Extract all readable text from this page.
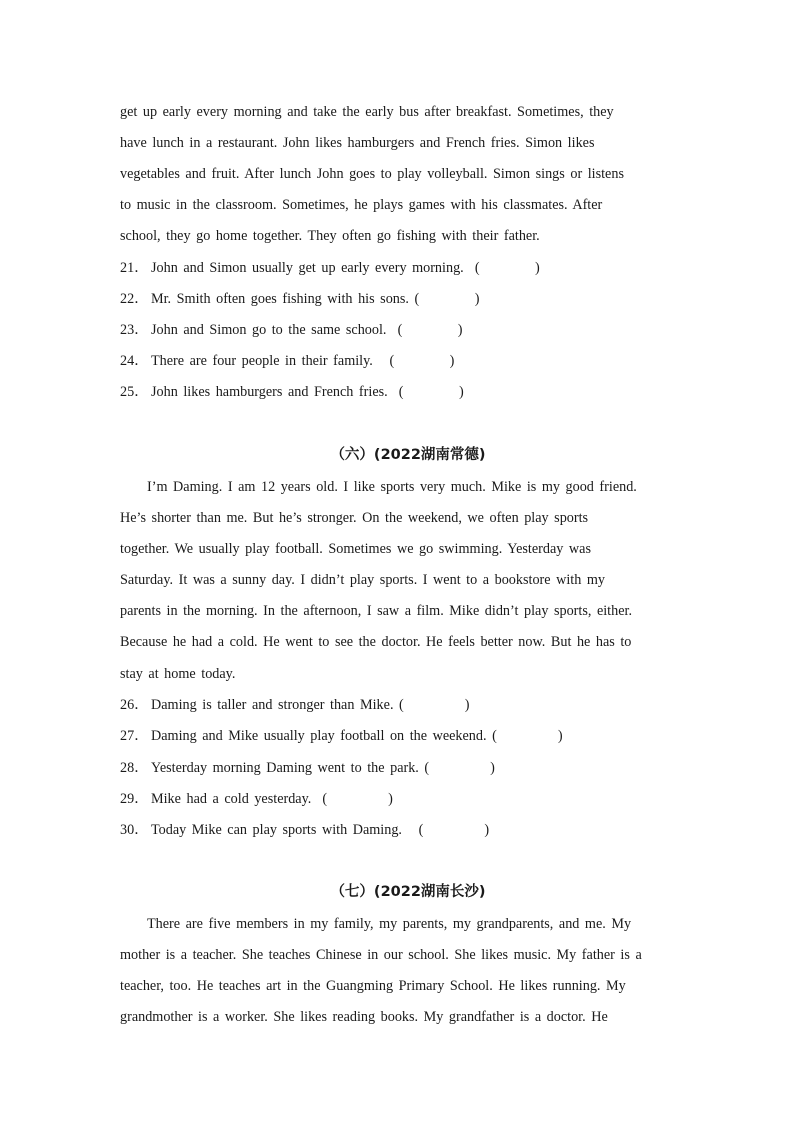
get up early every morning and take the early bus after breakfast. Sometimes, they
have lunch in a restaurant. John likes hamburgers and French fries. Simon likes
vegetables and fruit. After lunch John goes to play volleyball. Simon sings or listens
to music in the classroom. Sometimes, he plays games with his classmates. After
school, they go home together. They often go fishing with their father.
21． John and Simon usually get up early every morning.  (          )
22． Mr. Smith often goes fishing with his sons. (          )
23． John and Simon go to the same school.  (          )
24． There are four people in their family.   (          )
25． John likes hamburgers and French fries.  (          )
（六）(2022湖南常德)
I’m Daming. I am 12 years old. I like sports very much. Mike is my good friend.
He’s shorter than me. But he’s stronger. On the weekend, we often play sports
together. We usually play football. Sometimes we go swimming. Yesterday was
Saturday. It was a sunny day. I didn’t play sports. I went to a bookstore with my
parents in the morning. In the afternoon, I saw a film. Mike didn’t play sports, either.
Because he had a cold. He went to see the doctor. He feels better now. But he has to
stay at home today.
26． Daming is taller and stronger than Mike. (           )
27． Daming and Mike usually play football on the weekend. (           )
28． Yesterday morning Daming went to the park. (           )
29． Mike had a cold yesterday.  (           )
30． Today Mike can play sports with Daming.   (           )
（七）(2022湖南长沙)
There are five members in my family, my parents, my grandparents, and me. My
mother is a teacher. She teaches Chinese in our school. She likes music. My father is a
teacher, too. He teaches art in the Guangming Primary School. He likes running. My
grandmother is a worker. She likes reading books. My grandfather is a doctor. He
